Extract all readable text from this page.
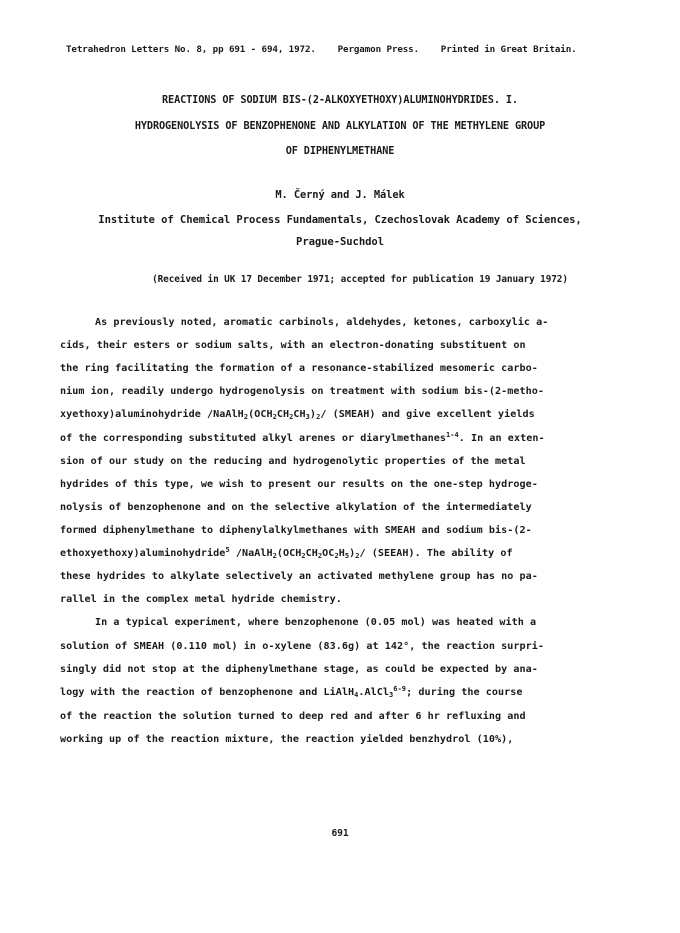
Tetrahedron Letters No. 8, pp 691 - 694, 1972. Pergamon Press. Printed in Great Britain.
REACTIONS OF SODIUM BIS-(2-ALKOXYETHOXY)ALUMINOHYDRIDES. I.
HYDROGENOLYSIS OF BENZOPHENONE AND ALKYLATION OF THE METHYLENE GROUP
OF DIPHENYLMETHANE
M. Černý and J. Málek
Institute of Chemical Process Fundamentals, Czechoslovak Academy of Sciences,
Prague-Suchdol
(Received in UK 17 December 1971; accepted for publication 19 January 1972)
As previously noted, aromatic carbinols, aldehydes, ketones, carboxylic a-
cids, their esters or sodium salts, with an electron-donating substituent on
the ring facilitating the formation of a resonance-stabilized mesomeric carbo-
nium ion, readily undergo hydrogenolysis on treatment with sodium bis-(2-metho-
xyethoxy)aluminohydride $/NaAlH_2(OCH_2CH_2CH_3)_2/$ (SMEAH) and give excellent yields
of the corresponding substituted alkyl arenes or diarylmethanes$^{1-4}$. In an exten-
sion of our study on the reducing and hydrogenolytic properties of the metal
hydrides of this type, we wish to present our results on the one-step hydroge-
nolysis of benzophenone and on the selective alkylation of the intermediately
formed diphenylmethane to diphenylalkylmethanes with SMEAH and sodium bis-(2-
ethoxyethoxy)aluminohydride$^5$ $/NaAlH_2(OCH_2CH_2OC_2H_5)_2/$ (SEEAH). The ability of
these hydrides to alkylate selectively an activated methylene group has no pa-
rallel in the complex metal hydride chemistry.
In a typical experiment, where benzophenone (0.05 mol) was heated with a
solution of SMEAH (0.110 mol) in o-xylene (83.6g) at 142°, the reaction surpri-
singly did not stop at the diphenylmethane stage, as could be expected by ana-
logy with the reaction of benzophenone and LiAlH$_4$.AlCl$_3^{6-9}$; during the course
of the reaction the solution turned to deep red and after 6 hr refluxing and
working up of the reaction mixture, the reaction yielded benzhydrol (10%),
691
